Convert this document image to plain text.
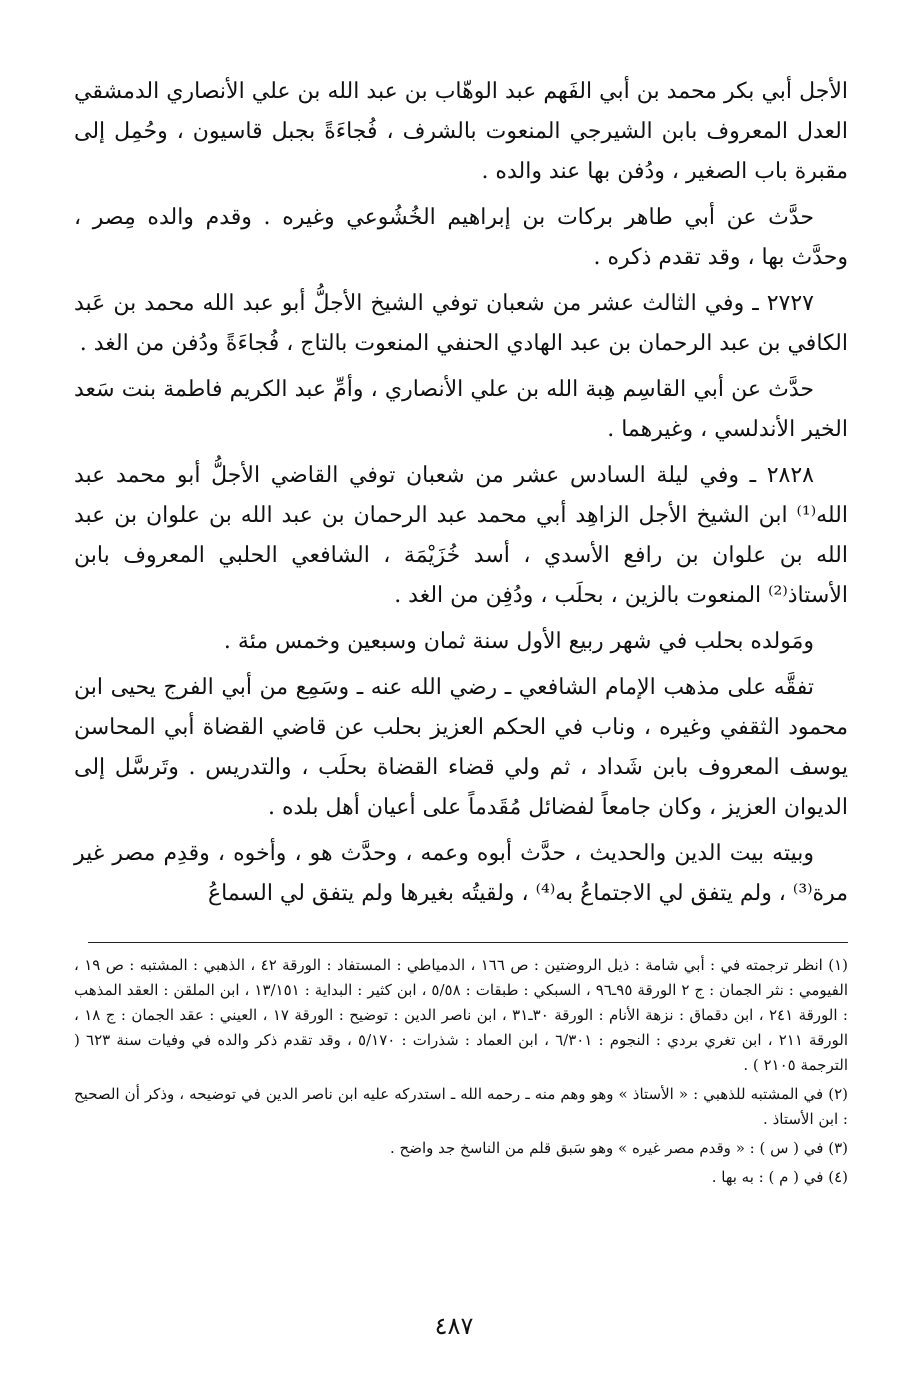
الأجل أبي بكر محمد بن أبي الفَهم عبد الوهّاب بن عبد الله بن علي الأنصاري الدمشقي العدل المعروف بابن الشيرجي المنعوت بالشرف ، فُجاءَةً بجبل قاسيون ، وحُمِل إلى مقبرة باب الصغير ، ودُفن بها عند والده .

حدَّث عن أبي طاهر بركات بن إبراهيم الخُشُوعي وغيره . وقدم والده مِصر ، وحدَّث بها ، وقد تقدم ذكره .

٢٧٢٧ ـ وفي الثالث عشر من شعبان توفي الشيخ الأجلُّ أبو عبد الله محمد بن عَبد الكافي بن عبد الرحمان بن عبد الهادي الحنفي المنعوت بالتاج ، فُجاءَةً ودُفن من الغد .

حدَّث عن أبي القاسِم هِبة الله بن علي الأنصاري ، وأمِّ عبد الكريم فاطمة بنت سَعد الخير الأندلسي ، وغيرهما .

٢٨٢٨ ـ وفي ليلة السادس عشر من شعبان توفي القاضي الأجلُّ أبو محمد عبد الله⁽¹⁾ ابن الشيخ الأجل الزاهِد أبي محمد عبد الرحمان بن عبد الله بن علوان بن عبد الله بن علوان بن رافع الأسدي ، أسد خُزَيْمَة ، الشافعي الحلبي المعروف بابن الأستاذ⁽²⁾ المنعوت بالزين ، بحلَب ، ودُفِن من الغد .

ومَولده بحلب في شهر ربيع الأول سنة ثمان وسبعين وخمس مئة .

تفقَّه على مذهب الإمام الشافعي ـ رضي الله عنه ـ وسَمِع من أبي الفرج يحيى ابن محمود الثقفي وغيره ، وناب في الحكم العزيز بحلب عن قاضي القضاة أبي المحاسن يوسف المعروف بابن شَداد ، ثم ولي قضاء القضاة بحلَب ، والتدريس . وتَرسَّل إلى الديوان العزيز ، وكان جامعاً لفضائل مُقَدماً على أعيان أهل بلده .

وبيته بيت الدين والحديث ، حدَّث أبوه وعمه ، وحدَّث هو ، وأخوه ، وقدِم مصر غير مرة⁽³⁾ ، ولم يتفق لي الاجتماعُ به⁽⁴⁾ ، ولقيتُه بغيرها ولم يتفق لي السماعُ

(١) انظر ترجمته في : أبي شامة : ذيل الروضتين : ص ١٦٦ ، الدمياطي : المستفاد : الورقة ٤٢ ، الذهبي : المشتبه : ص ١٩ ، الفيومي : نثر الجمان : ج ٢ الورقة ٩٥ـ٩٦ ، السبكي : طبقات : ٥/٥٨ ، ابن كثير : البداية : ١٣/١٥١ ، ابن الملقن : العقد المذهب : الورقة ٢٤١ ، ابن دقماق : نزهة الأنام : الورقة ٣٠ـ٣١ ، ابن ناصر الدين : توضيح : الورقة ١٧ ، العيني : عقد الجمان : ج ١٨ ، الورقة ٢١١ ، ابن تغري بردي : النجوم : ٦/٣٠١ ، ابن العماد : شذرات : ٥/١٧٠ ، وقد تقدم ذكر والده في وفيات سنة ٦٢٣ ( الترجمة ٢١٠٥ ) .

(٢) في المشتبه للذهبي : « الأستاذ » وهو وهم منه ـ رحمه الله ـ استدركه عليه ابن ناصر الدين في توضيحه ، وذكر أن الصحيح : ابن الأستاذ .

(٣) في ( س ) : « وقدم مصر غيره » وهو سَبق قلم من الناسخ جد واضح .

(٤) في ( م ) : به بها .

٤٨٧
